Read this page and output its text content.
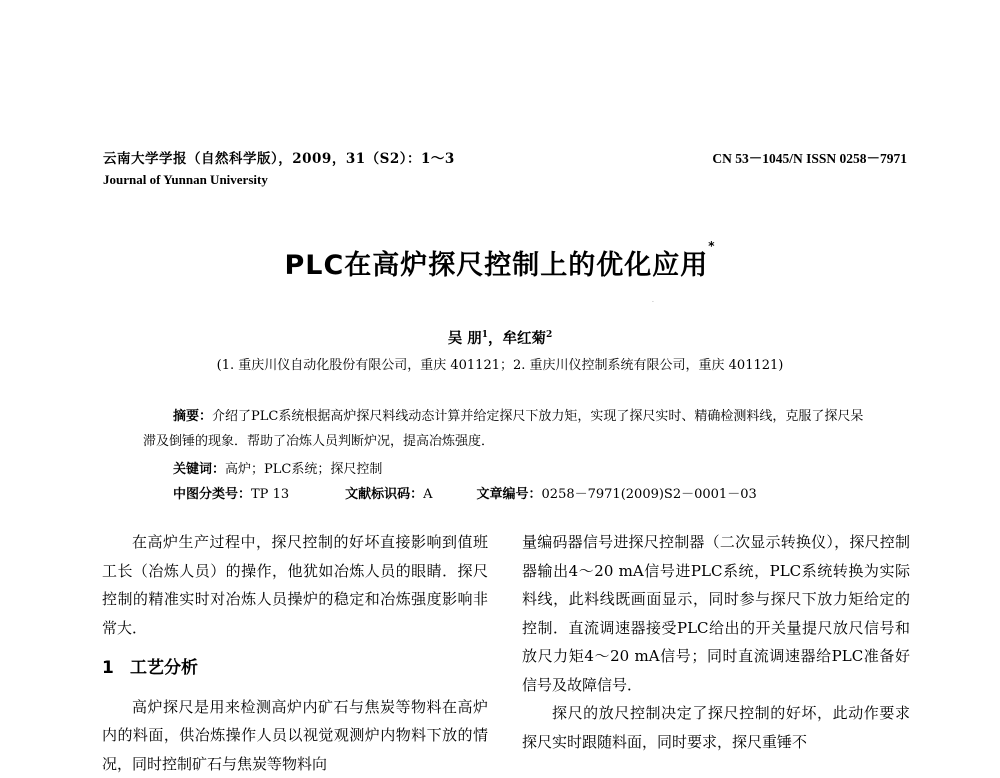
云南大学学报（自然科学版），2009，31（S2）：1～3
Journal of Yunnan University
CN 53－1045/N ISSN 0258－7971
PLC在高炉探尺控制上的优化应用*
·
吴 朋$^1$，牟红菊$^2$
(1. 重庆川仪自动化股份有限公司，重庆 401121；2. 重庆川仪控制系统有限公司，重庆 401121)
摘要：介绍了PLC系统根据高炉探尺料线动态计算并给定探尺下放力矩，实现了探尺实时、精确检测料线，克服了探尺呆滞及倒锤的现象．帮助了冶炼人员判断炉况，提高冶炼强度．
关键词：高炉；PLC系统；探尺控制
中图分类号：TP 13	文献标识码：A	文章编号：0258－7971(2009)S2－0001－03

在高炉生产过程中，探尺控制的好坏直接影响到值班工长（冶炼人员）的操作，他犹如冶炼人员的眼睛．探尺控制的精准实时对冶炼人员操炉的稳定和冶炼强度影响非常大．

1 工艺分析

高炉探尺是用来检测高炉内矿石与焦炭等物料在高炉内的料面，供冶炼操作人员以视觉观测炉内物料下放的情况，同时控制矿石与焦炭等物料向

量编码器信号进探尺控制器（二次显示转换仪），探尺控制器输出4～20 mA信号进PLC系统，PLC系统转换为实际料线，此料线既画面显示，同时参与探尺下放力矩给定的控制．直流调速器接受PLC给出的开关量提尺放尺信号和放尺力矩4～20 mA信号；同时直流调速器给PLC准备好信号及故障信号．

探尺的放尺控制决定了探尺控制的好坏，此动作要求探尺实时跟随料面，同时要求，探尺重锤不
